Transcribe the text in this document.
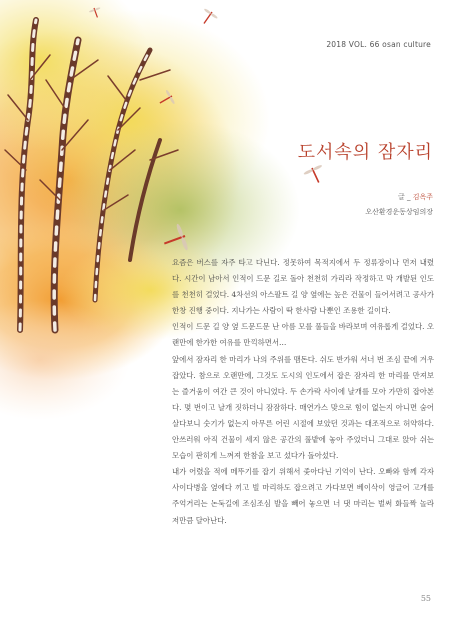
2018 VOL. 66 osan culture
도서속의 잠자리
글 _ 김옥주
오산환경운동상임의장

요즘은 버스를 자주 타고 다닌다. 정못하여 목적지에서 두 정류장이나 먼저 내렸다. 시간이 남아서 인적이 드문 길로 돌아 천천히 가리라 작정하고 막 개발된 인도를 천천히 걸었다. 4차선의 아스팔트 길 양 옆에는 높은 건물이 들어서려고 공사가 한창 진행 중이다. 지나가는 사람이 딱 한사람 나뿐인 조용한 길이다.

인적이 드문 길 양 옆 드문드문 난 아름 모를 풀들을 바라보며 여유롭게 걸었다. 오랜만에 한가한 여유를 만끽하면서…

앞에서 잠자리 한 마리가 나의 주위를 맴돈다. 쉬도 반가워 서너 번 조심 끝에 겨우 잡았다. 참으로 오랜만에, 그것도 도시의 인도에서 잡은 잠자리 한 마리를 만져보는 즐거움이 여간 큰 것이 아니었다. 두 손가락 사이에 날개를 모아 가만히 잡아본다. 몇 번이고 날개 짓하더니 잠잠하다. 매연가스 맞으로 힘이 없는지 아니면 숨어 살다보니 숫기가 없는지 아무른 어린 시절에 보았던 것과는 대조적으로 허약하다. 안쓰러워 아직 건물이 세지 않은 공간의 풀밭에 놓아 주었더니 그대로 앉아 쉬는 모습이 판히게 느껴져 한참을 보고 섰다가 돌아섰다.

내가 어렸을 적에 메뚜기를 잡기 위해서 좇아다닌 기억이 난다. 오빠와 함께 각자 사이다병을 옆에다 끼고 빌 마리하도 잡으려고 가다보면 베이삭이 영글어 고개를 주억거리는 논둑길에 조심조심 발을 빼어 놓으면 너 댓 마리는 벌써 화들짝 놀라 저만큼 달아난다.

55
